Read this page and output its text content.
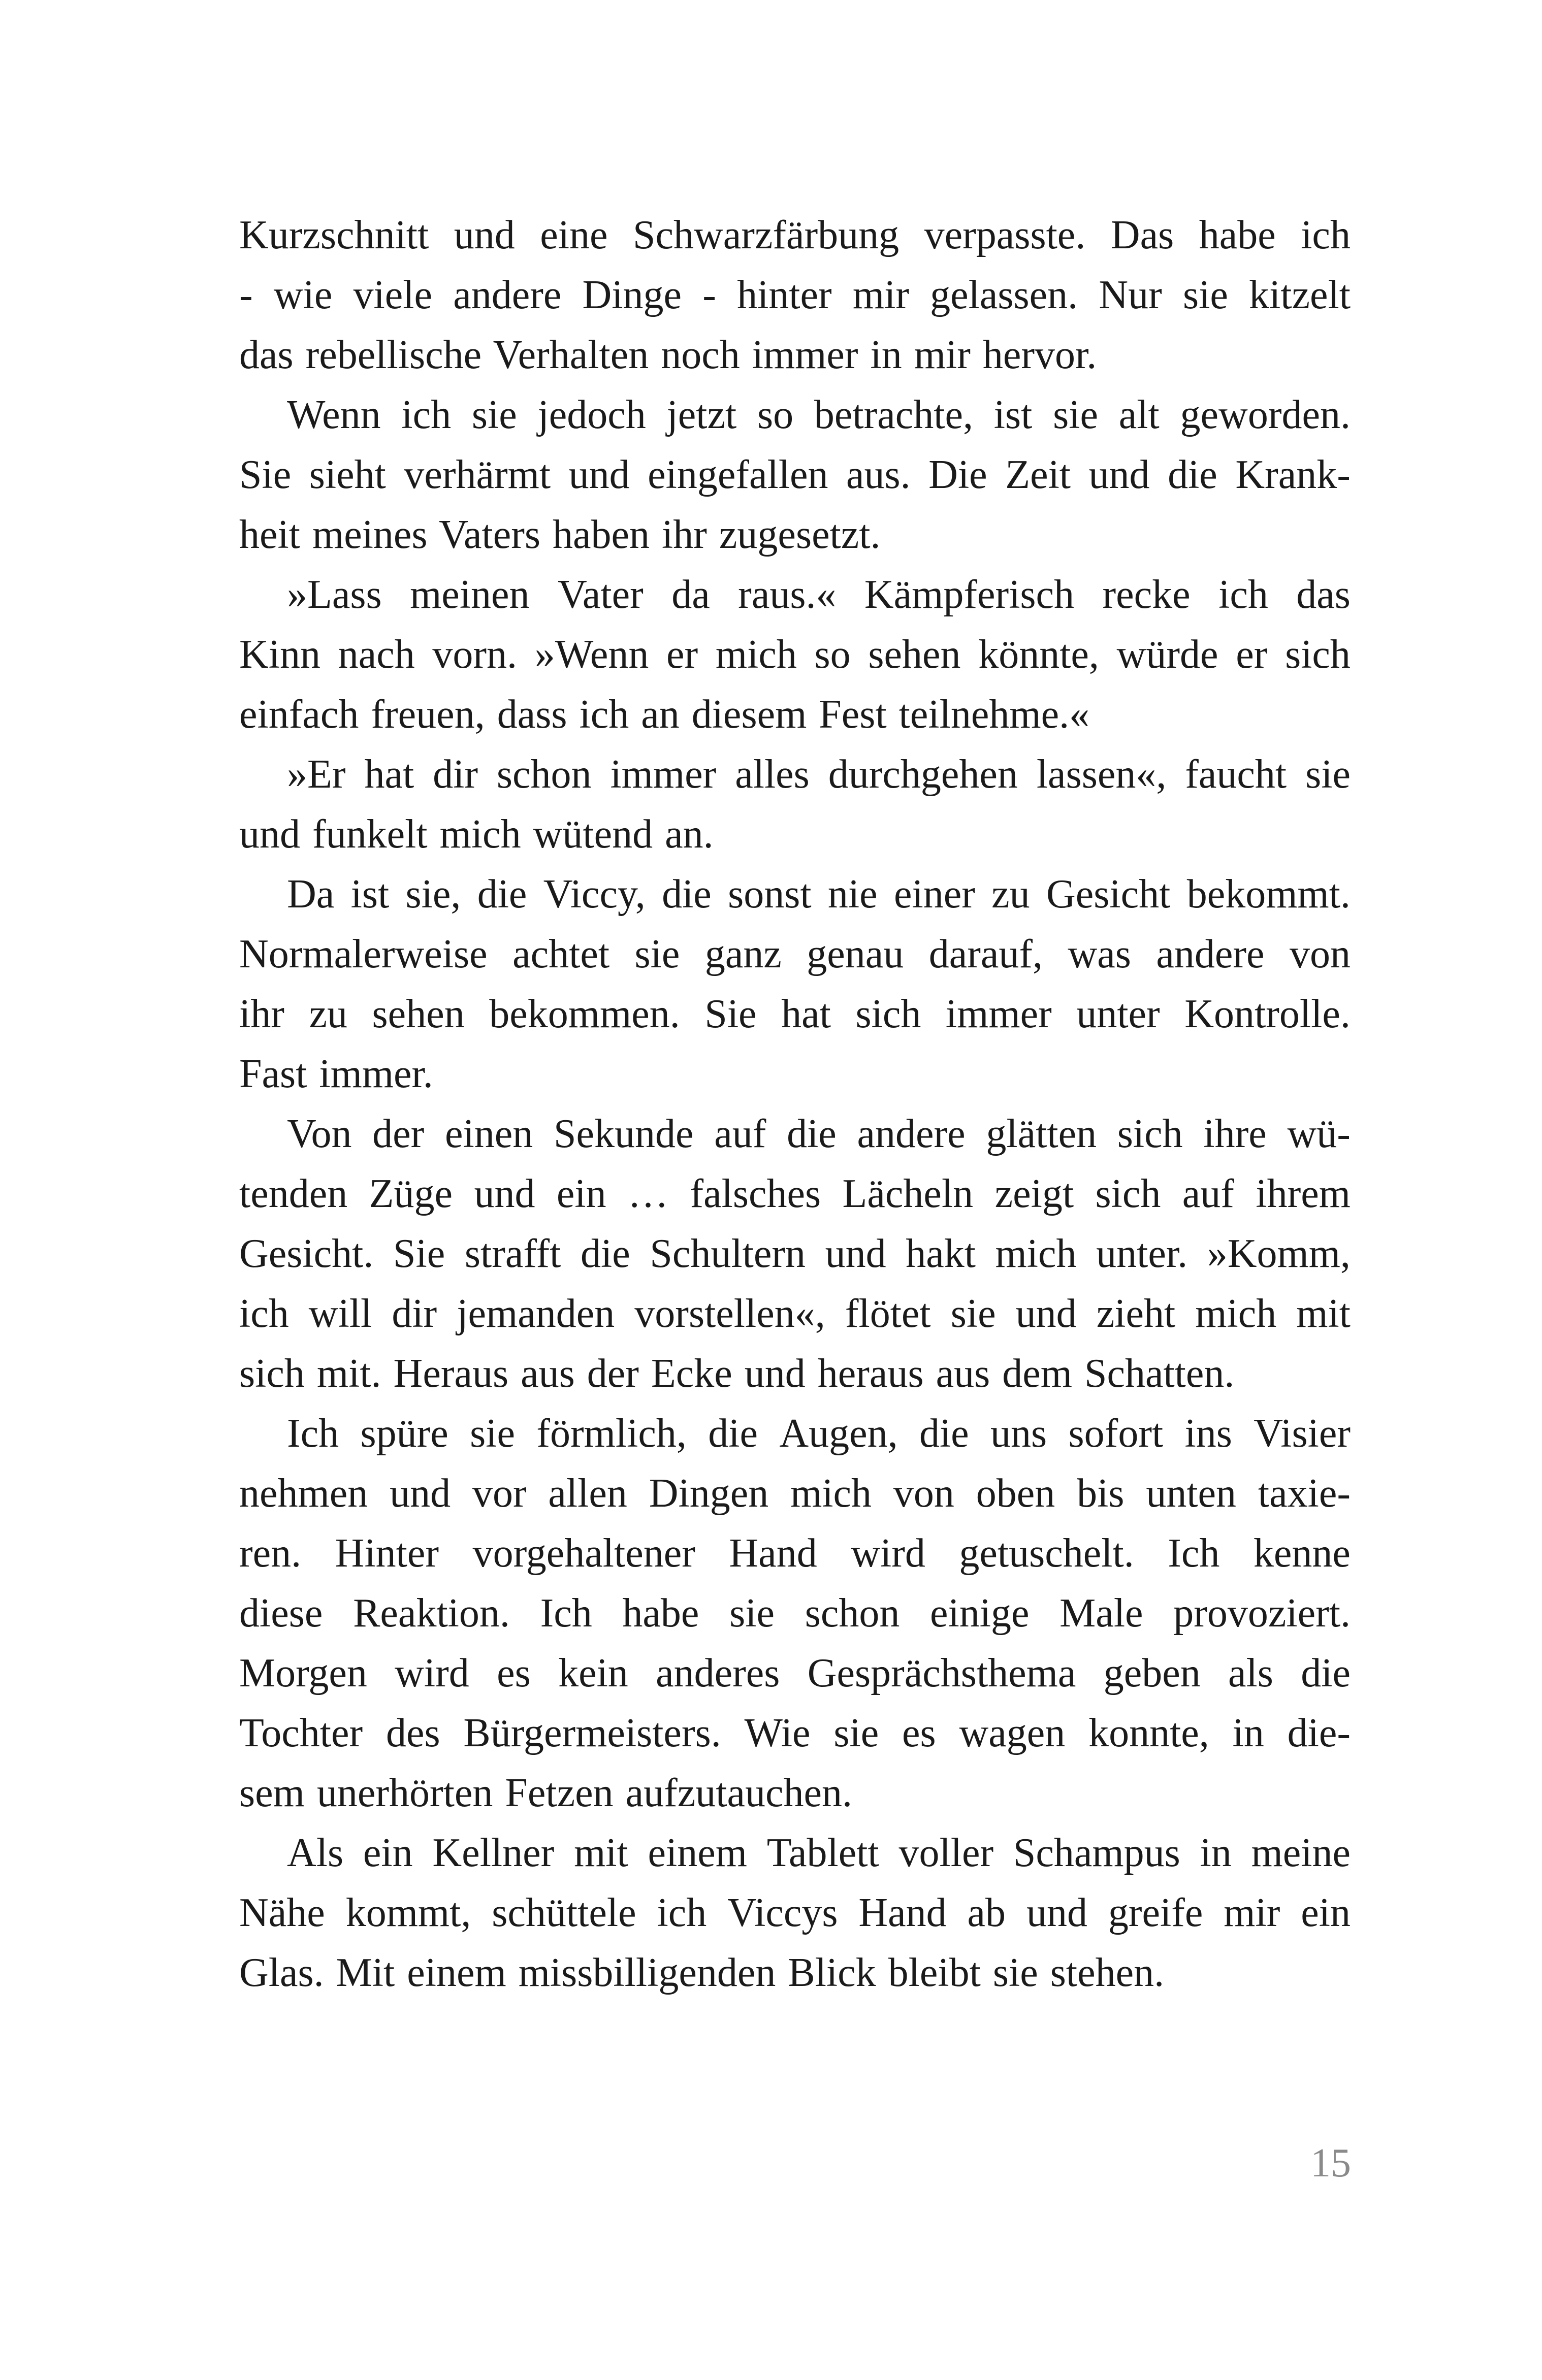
Kurzschnitt und eine Schwarzfärbung verpasste. Das habe ich
- wie viele andere Dinge - hinter mir gelassen. Nur sie kitzelt
das rebellische Verhalten noch immer in mir hervor.
Wenn ich sie jedoch jetzt so betrachte, ist sie alt geworden.
Sie sieht verhärmt und eingefallen aus. Die Zeit und die Krank-
heit meines Vaters haben ihr zugesetzt.
»Lass meinen Vater da raus.« Kämpferisch recke ich das
Kinn nach vorn. »Wenn er mich so sehen könnte, würde er sich
einfach freuen, dass ich an diesem Fest teilnehme.«
»Er hat dir schon immer alles durchgehen lassen«, faucht sie
und funkelt mich wütend an.
Da ist sie, die Viccy, die sonst nie einer zu Gesicht bekommt.
Normalerweise achtet sie ganz genau darauf, was andere von
ihr zu sehen bekommen. Sie hat sich immer unter Kontrolle.
Fast immer.
Von der einen Sekunde auf die andere glätten sich ihre wü-
tenden Züge und ein … falsches Lächeln zeigt sich auf ihrem
Gesicht. Sie strafft die Schultern und hakt mich unter. »Komm,
ich will dir jemanden vorstellen«, flötet sie und zieht mich mit
sich mit. Heraus aus der Ecke und heraus aus dem Schatten.
Ich spüre sie förmlich, die Augen, die uns sofort ins Visier
nehmen und vor allen Dingen mich von oben bis unten taxie-
ren. Hinter vorgehaltener Hand wird getuschelt. Ich kenne
diese Reaktion. Ich habe sie schon einige Male provoziert.
Morgen wird es kein anderes Gesprächsthema geben als die
Tochter des Bürgermeisters. Wie sie es wagen konnte, in die-
sem unerhörten Fetzen aufzutauchen.
Als ein Kellner mit einem Tablett voller Schampus in meine
Nähe kommt, schüttele ich Viccys Hand ab und greife mir ein
Glas. Mit einem missbilligenden Blick bleibt sie stehen.
15
